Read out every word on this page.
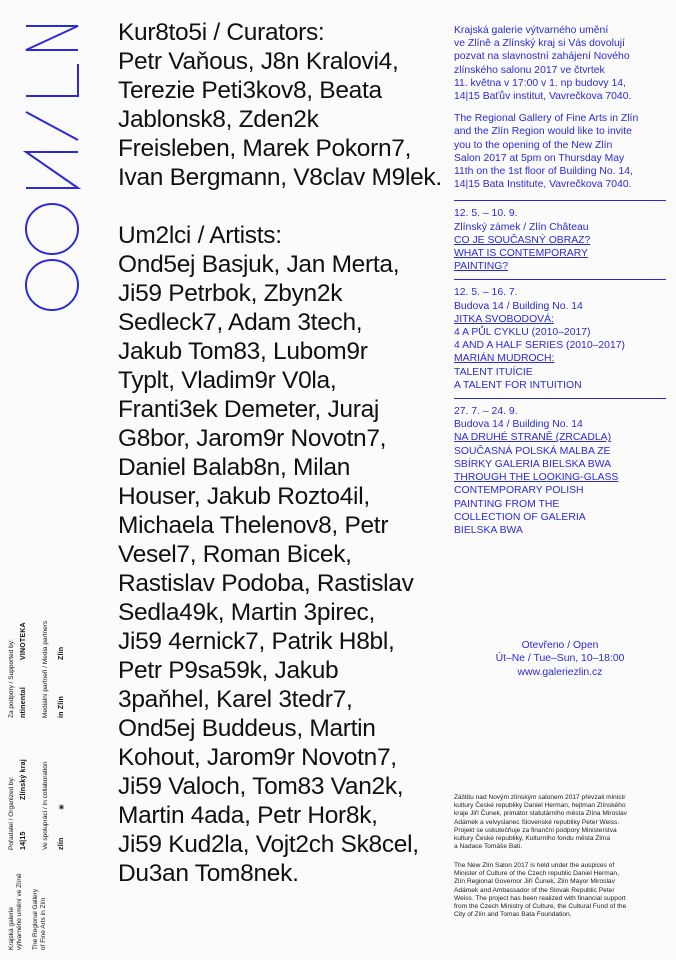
Krajská galerie výtvarného umění ve Zlíně The Regional Gallery of Fine Arts in Zlín
Pořadatel / Organized by:	Ve spolupráci / In collaboration
14|15
Zlínský kraj
zlín
✳
Za podpory / Supported by:	Mediální partneři / Media partners
ntinental
VINOTEKA
in Zlín
Zlín
Kur8to5i / Curators:
Petr Vaňous, J8n Kralovi4,
Terezie Peti3kov8, Beata
Jablonsk8, Zden2k
Freisleben, Marek Pokorn7,
Ivan Bergmann, V8clav M9lek.
Um2lci / Artists:
Ond5ej Basjuk, Jan Merta,
Ji59 Petrbok, Zbyn2k
Sedleck7, Adam 3tech,
Jakub Tom83, Lubom9r
Typlt, Vladim9r V0la,
Franti3ek Demeter, Juraj
G8bor, Jarom9r Novotn7,
Daniel Balab8n, Milan
Houser, Jakub Rozto4il,
Michaela Thelenov8, Petr
Vesel7, Roman Bicek,
Rastislav Podoba, Rastislav
Sedla49k, Martin 3pirec,
Ji59 4ernick7, Patrik H8bl,
Petr P9sa59k, Jakub
3paňhel, Karel 3tedr7,
Ond5ej Buddeus, Martin
Kohout, Jarom9r Novotn7,
Ji59 Valoch, Tom83 Van2k,
Martin 4ada, Petr Hor8k,
Ji59 Kud2la, Vojt2ch Sk8cel,
Du3an Tom8nek.

Krajská galerie výtvarného umění

ve Zlíně a Zlínský kraj si Vás dovolují

pozvat na slavnostní zahájení Nového

zlínského salonu 2017 ve čtvrtek

11. května v 17:00 v 1. np budovy 14,

14|15 Baťův institut, Vavrečkova 7040.

The Regional Gallery of Fine Arts in Zlín

and the Zlín Region would like to invite

you to the opening of the New Zlín

Salon 2017 at 5pm on Thursday May

11th on the 1st floor of Building No. 14,

14|15 Bata Institute, Vavrečkova 7040.

12. 5. – 10. 9.

Zlínský zámek / Zlín Château

CO JE SOUČASNÝ OBRAZ?

WHAT IS CONTEMPORARY

PAINTING?

12. 5. – 16. 7.

Budova 14 / Building No. 14

JITKA SVOBODOVÁ:

4 A PŮL CYKLU (2010–2017)

4 AND A HALF SERIES (2010–2017)

MARIÁN MUDROCH:

TALENT ITUÍCIE

A TALENT FOR INTUITION

27. 7. – 24. 9.

Budova 14 / Building No. 14

NA DRUHÉ STRANĚ (ZRCADLA)

SOUČASNÁ POLSKÁ MALBA ZE

SBÍRKY GALERIA BIELSKA BWA

THROUGH THE LOOKING-GLASS

CONTEMPORARY POLISH

PAINTING FROM THE

COLLECTION OF GALERIA

BIELSKA BWA

Otevřeno / Open

Út–Ne / Tue–Sun, 10–18:00

www.galeriezlin.cz

Záštitu nad Novým zlínským salonem 2017 převzali ministr

kultury České republiky Daniel Herman, hejtman Zlínského

kraje Jiří Čunek, primátor statutárního města Zlína Miroslav

Adámek a velvyslanec Slovenské republiky Peter Weiss.

Projekt se uskutečňuje za finanční podpory Ministerstva

kultury České republiky, Kulturního fondu města Zlína

a Nadace Tomáše Bati.

The New Zlín Salon 2017 is held under the auspices of

Minister of Culture of the Czech republic Daniel Herman,

Zlín Regional Governor Jiří Čunek, Zlín Mayor Miroslav

Adámek and Ambassador of the Slovak Republic Peter

Weiss. The project has been realized with financial support

from the Czech Ministry of Culture, the Cultural Fund of the

City of Zlín and Tomas Bata Foundation.
